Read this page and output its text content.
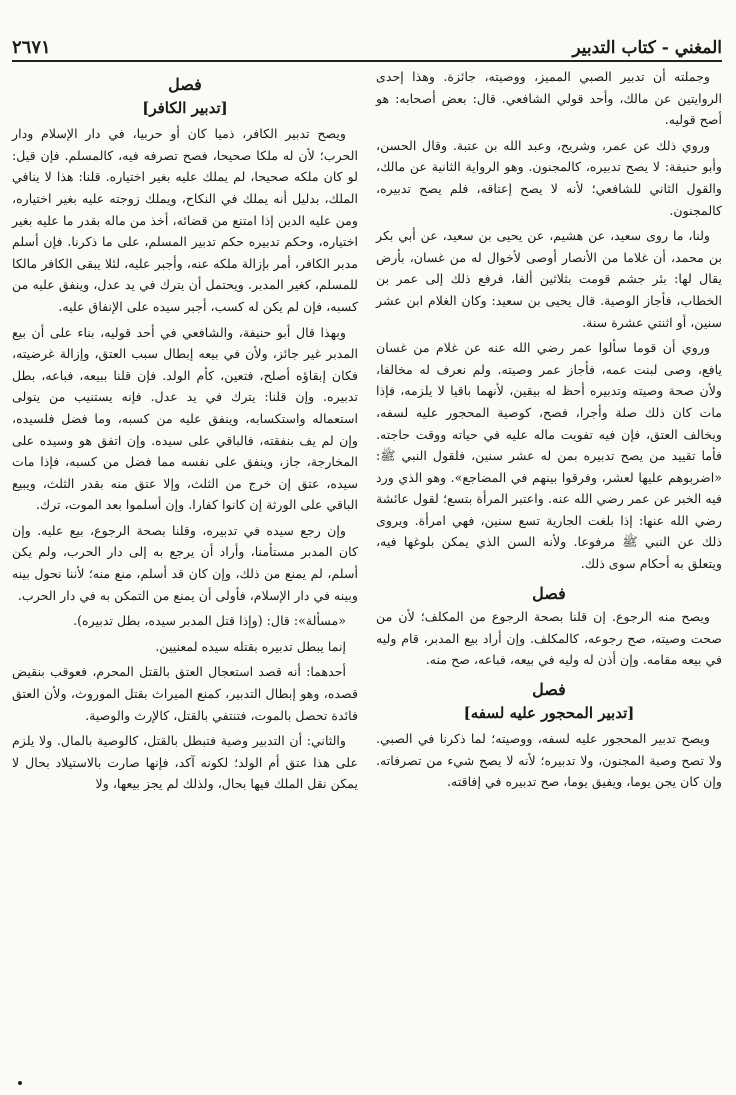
المغني - كتاب التدبير
٢٦٧١

وجملته أن تدبير الصبي المميز، ووصيته، جائزة. وهذا إحدى الروايتين عن مالك، وأحد قولي الشافعي. قال: بعض أصحابه: هو أصح قوليه.

وروي ذلك عن عمر، وشريح، وعبد الله بن عتبة. وقال الحسن، وأبو حنيفة: لا يصح تدبيره، كالمجنون. وهو الرواية الثانية عن مالك، والقول الثاني للشافعي؛ لأنه لا يصح إعتاقه، فلم يصح تدبيره، كالمجنون.

ولنا، ما روى سعيد، عن هشيم، عن يحيى بن سعيد، عن أبي بكر بن محمد، أن غلاما من الأنصار أوصى لأخوال له من غسان، بأرض يقال لها: بئر جشم قومت بثلاثين ألفا، فرفع ذلك إلى عمر بن الخطاب، فأجاز الوصية. قال يحيى بن سعيد: وكان الغلام ابن عشر سنين، أو اثنتي عشرة سنة.

وروي أن قوما سألوا عمر رضي الله عنه عن غلام من غسان يافع، وصى لبنت عمه، فأجاز عمر وصيته. ولم نعرف له مخالفا، ولأن صحة وصيته وتدبيره أحظ له بيقين، لأنهما باقيا لا يلزمه، فإذا مات كان ذلك صلة وأجرا، فصح، كوصية المحجور عليه لسفه، ويخالف العتق، فإن فيه تفويت ماله عليه في حياته ووقت حاجته. فأما تقييد من يصح تدبيره بمن له عشر سنين، فلقول النبي ﷺ: «اضربوهم عليها لعشر، وفرقوا بينهم في المضاجع». وهو الذي ورد فيه الخبر عن عمر رضي الله عنه. واعتبر المرأة بتسع؛ لقول عائشة رضي الله عنها: إذا بلغت الجارية تسع سنين، فهي امرأة. ويروى ذلك عن النبي ﷺ مرفوعا. ولأنه السن الذي يمكن بلوغها فيه، ويتعلق به أحكام سوى ذلك.

فصل

ويصح منه الرجوع. إن قلنا بصحة الرجوع من المكلف؛ لأن من صحت وصيته، صح رجوعه، كالمكلف. وإن أراد بيع المدبر، قام وليه في بيعه مقامه. وإن أذن له وليه في بيعه، فباعه، صح منه.

فصل
[تدبير المحجور عليه لسفه]

ويصح تدبير المحجور عليه لسفه، ووصيته؛ لما ذكرنا في الصبي. ولا تصح وصية المجنون، ولا تدبيره؛ لأنه لا يصح شيء من تصرفاته. وإن كان يجن يوما، ويفيق يوما، صح تدبيره في إفاقته.

فصل
[تدبير الكافر]

ويصح تدبير الكافر، ذميا كان أو حربيا، في دار الإسلام ودار الحرب؛ لأن له ملكا صحيحا، فصح تصرفه فيه، كالمسلم. فإن قيل: لو كان ملكه صحيحا، لم يملك عليه بغير اختياره. قلنا: هذا لا ينافي الملك، بدليل أنه يملك في النكاح، ويملك زوجته عليه بغير اختياره، ومن عليه الدين إذا امتنع من قضائه، أخذ من ماله بقدر ما عليه بغير اختياره، وحكم تدبيره حكم تدبير المسلم، على ما ذكرنا. فإن أسلم مدبر الكافر، أمر بإزالة ملكه عنه، وأجبر عليه، لئلا يبقى الكافر مالكا للمسلم، كغير المدبر. ويحتمل أن يترك في يد عدل، وينفق عليه من كسبه، فإن لم يكن له كسب، أجبر سيده على الإنفاق عليه.

وبهذا قال أبو حنيفة، والشافعي في أحد قوليه، بناء على أن بيع المدبر غير جائز، ولأن في بيعه إبطال سبب العتق، وإزالة غرضيته، فكان إبقاؤه أصلح، فتعين، كأم الولد. فإن قلنا ببيعه، فباعه، بطل تدبيره. وإن قلنا: يترك في يد عدل. فإنه يستنيب من يتولى استعماله واستكسابه، وينفق عليه من كسبه، وما فضل فلسيده، وإن لم يف بنفقته، فالباقي على سيده. وإن اتفق هو وسيده على المخارجة، جاز، وينفق على نفسه مما فضل من كسبه، فإذا مات سيده، عتق إن خرج من الثلث، وإلا عتق منه بقدر الثلث، ويبيع الباقي على الورثة إن كانوا كفارا. وإن أسلموا بعد الموت، ترك.

وإن رجع سيده في تدبيره، وقلنا بصحة الرجوع، بيع عليه. وإن كان المدبر مستأمنا، وأراد أن يرجع به إلى دار الحرب، ولم يكن أسلم، لم يمنع من ذلك، وإن كان قد أسلم، منع منه؛ لأننا نحول بينه وبينه في دار الإسلام، فأولى أن يمنع من التمكن به في دار الحرب.

«مسألة»: قال: (وإذا قتل المدبر سيده، بطل تدبيره).

إنما يبطل تدبيره بقتله سيده لمعنيين.

أحدهما: أنه قصد استعجال العتق بالقتل المحرم، فعوقب بنقيض قصده، وهو إبطال التدبير، كمنع الميراث بقتل الموروث، ولأن العتق فائدة تحصل بالموت، فتنتفي بالقتل، كالإرث والوصية.

والثاني: أن التدبير وصية فتبطل بالقتل، كالوصية بالمال. ولا يلزم على هذا عتق أم الولد؛ لكونه آكد، فإنها صارت بالاستيلاد بحال لا يمكن نقل الملك فيها بحال، ولذلك لم يجز بيعها، ولا
